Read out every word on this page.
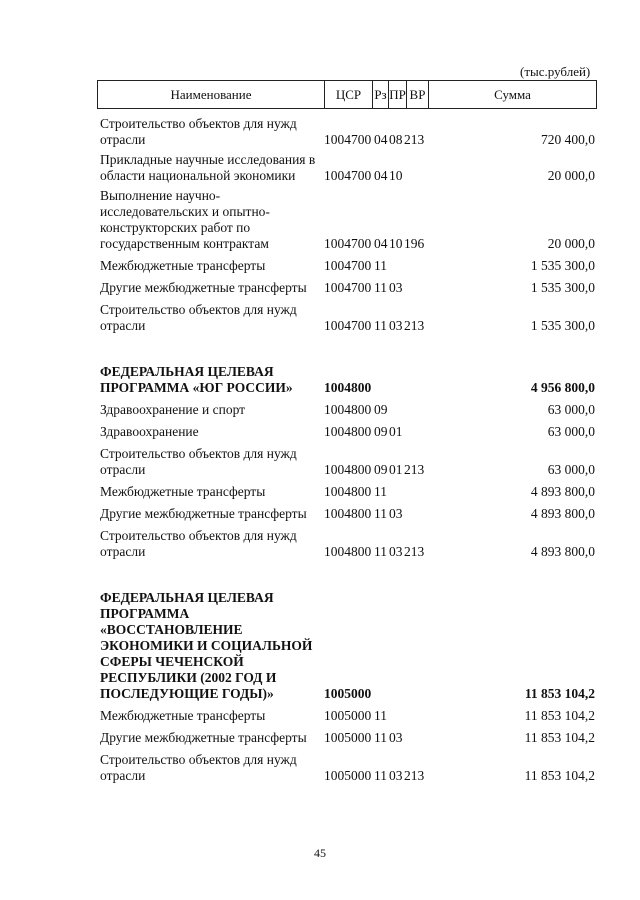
(тыс.рублей)
Наименование	ЦСР	Рз ПР ВР	Сумма
Строительство объектов для нужд отрасли	1004700 04 08 213	720 400,0
Прикладные научные исследования в области национальной экономики	1004700 04 10	20 000,0
Выполнение научно-исследовательских и опытно-конструкторских работ по государственным контрактам	1004700 04 10 196	20 000,0
Межбюджетные трансферты	1004700 11	1 535 300,0
Другие межбюджетные трансферты	1004700 11 03	1 535 300,0
Строительство объектов для нужд отрасли	1004700 11 03 213	1 535 300,0
ФЕДЕРАЛЬНАЯ ЦЕЛЕВАЯ ПРОГРАММА «ЮГ РОССИИ»	1004800	4 956 800,0
Здравоохранение и спорт	1004800 09	63 000,0
Здравоохранение	1004800 09 01	63 000,0
Строительство объектов для нужд отрасли	1004800 09 01 213	63 000,0
Межбюджетные трансферты	1004800 11	4 893 800,0
Другие межбюджетные трансферты	1004800 11 03	4 893 800,0
Строительство объектов для нужд отрасли	1004800 11 03 213	4 893 800,0
ФЕДЕРАЛЬНАЯ ЦЕЛЕВАЯ ПРОГРАММА «ВОССТАНОВЛЕНИЕ ЭКОНОМИКИ И СОЦИАЛЬНОЙ СФЕРЫ ЧЕЧЕНСКОЙ РЕСПУБЛИКИ (2002 ГОД И ПОСЛЕДУЮЩИЕ ГОДЫ)»	1005000	11 853 104,2
Межбюджетные трансферты	1005000 11	11 853 104,2
Другие межбюджетные трансферты	1005000 11 03	11 853 104,2
Строительство объектов для нужд отрасли	1005000 11 03 213	11 853 104,2
45
